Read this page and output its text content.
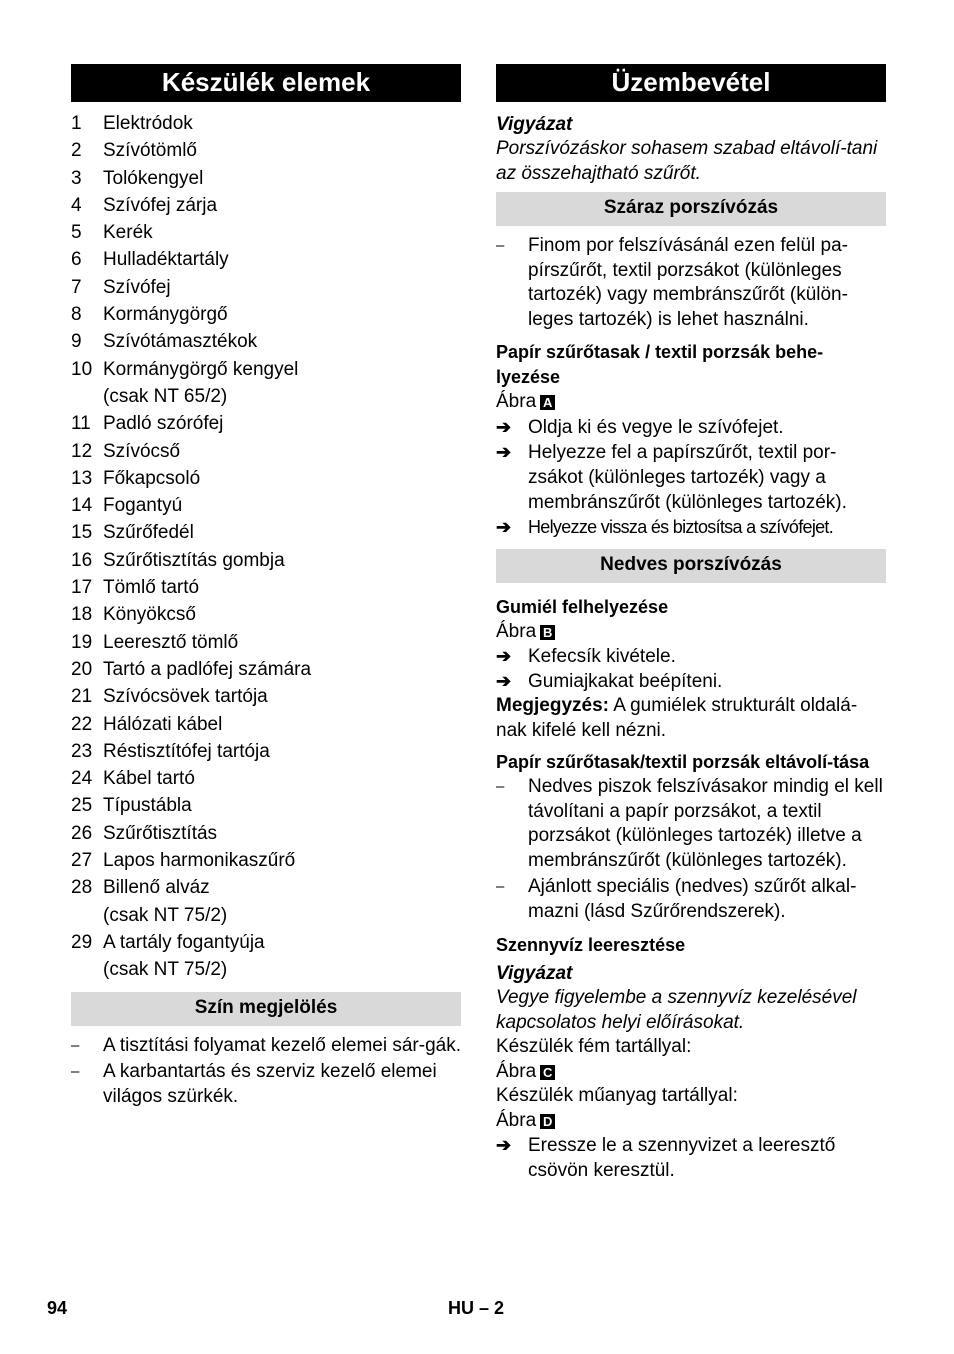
Készülék elemek
1	Elektródok
2	Szívótömlő
3	Tolókengyel
4	Szívófej zárja
5	Kerék
6	Hulladéktartály
7	Szívófej
8	Kormánygörgő
9	Szívótámasztékok
10 Kormánygörgő kengyel
(csak NT 65/2)
11 Padló szórófej
12 Szívócső
13 Főkapcsoló
14 Fogantyú
15 Szűrőfedél
16 Szűrőtisztítás gombja
17 Tömlő tartó
18 Könyökcső
19 Leeresztő tömlő
20 Tartó a padlófej számára
21 Szívócsövek tartója
22 Hálózati kábel
23 Réstisztítófej tartója
24 Kábel tartó
25 Típustábla
26 Szűrőtisztítás
27 Lapos harmonikaszűrő
28 Billenő alváz
(csak NT 75/2)
29 A tartály fogantyúja
(csak NT 75/2)
Szín megjelölés
–	A tisztítási folyamat kezelő elemei sár-gák.
–	A karbantartás és szerviz kezelő elemei világos szürkék.
Üzembevétel
Vigyázat
Porszívózáskor sohasem szabad eltávolí-tani az összehajtható szűrőt.
Száraz porszívózás
–	Finom por felszívásánál ezen felül pa-pírszűrőt, textil porzsákot (különleges tartozék) vagy membránszűrőt (külön-leges tartozék) is lehet használni.
Papír szűrőtasak / textil porzsák behe-lyezése
Ábra A
➔ Oldja ki és vegye le szívófejet.
➔ Helyezze fel a papírszűrőt, textil por-zsákot (különleges tartozék) vagy a membránszűrőt (különleges tartozék).
➔ Helyezze vissza és biztosítsa a szívófejet.
Nedves porszívózás
Gumiél felhelyezése
Ábra B
➔ Kefecsík kivétele.
➔ Gumiajkakat beépíteni.
Megjegyzés: A gumiélek strukturált oldalá-nak kifelé kell nézni.
Papír szűrőtasak/textil porzsák eltávolí-tása
–	Nedves piszok felszívásakor mindig el kell távolítani a papír porzsákot, a textil porzsákot (különleges tartozék) illetve a membránszűrőt (különleges tartozék).
–	Ajánlott speciális (nedves) szűrőt alkal-mazni (lásd Szűrőrendszerek).
Szennyvíz leeresztése
Vigyázat
Vegye figyelembe a szennyvíz kezelésével kapcsolatos helyi előírásokat.
Készülék fém tartállyal:
Ábra C
Készülék műanyag tartállyal:
Ábra D
➔ Eressze le a szennyvizet a leeresztő csövön keresztül.
94	HU – 2
